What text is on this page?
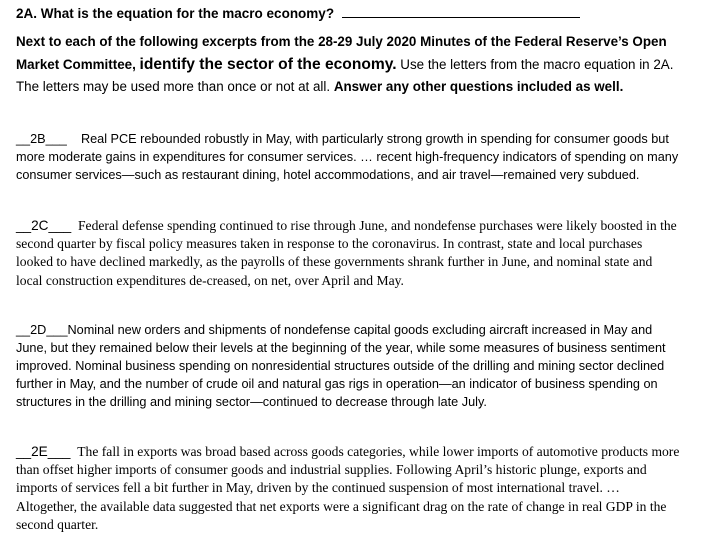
2A. What is the equation for the macro economy?
Next to each of the following excerpts from the 28-29 July 2020 Minutes of the Federal Reserve’s Open Market Committee, identify the sector of the economy. Use the letters from the macro equation in 2A. The letters may be used more than once or not at all. Answer any other questions included as well.
__2B___ Real PCE rebounded robustly in May, with particularly strong growth in spending for consumer goods but more moderate gains in expenditures for consumer services. … recent high-frequency indicators of spending on many consumer services—such as restaurant dining, hotel accommodations, and air travel—remained very subdued.
__2C___ Federal defense spending continued to rise through June, and nondefense purchases were likely boosted in the second quarter by fiscal policy measures taken in response to the coronavirus. In contrast, state and local purchases looked to have declined markedly, as the payrolls of these governments shrank further in June, and nominal state and local construction expenditures de-creased, on net, over April and May.
__2D___Nominal new orders and shipments of nondefense capital goods excluding aircraft increased in May and June, but they remained below their levels at the beginning of the year, while some measures of business sentiment improved. Nominal business spending on nonresidential structures outside of the drilling and mining sector declined further in May, and the number of crude oil and natural gas rigs in operation—an indicator of business spending on structures in the drilling and mining sector—continued to decrease through late July.
__2E___ The fall in exports was broad based across goods categories, while lower imports of automotive products more than offset higher imports of consumer goods and industrial supplies. Following April’s historic plunge, exports and imports of services fell a bit further in May, driven by the continued suspension of most international travel. … Altogether, the available data suggested that net exports were a significant drag on the rate of change in real GDP in the second quarter.
